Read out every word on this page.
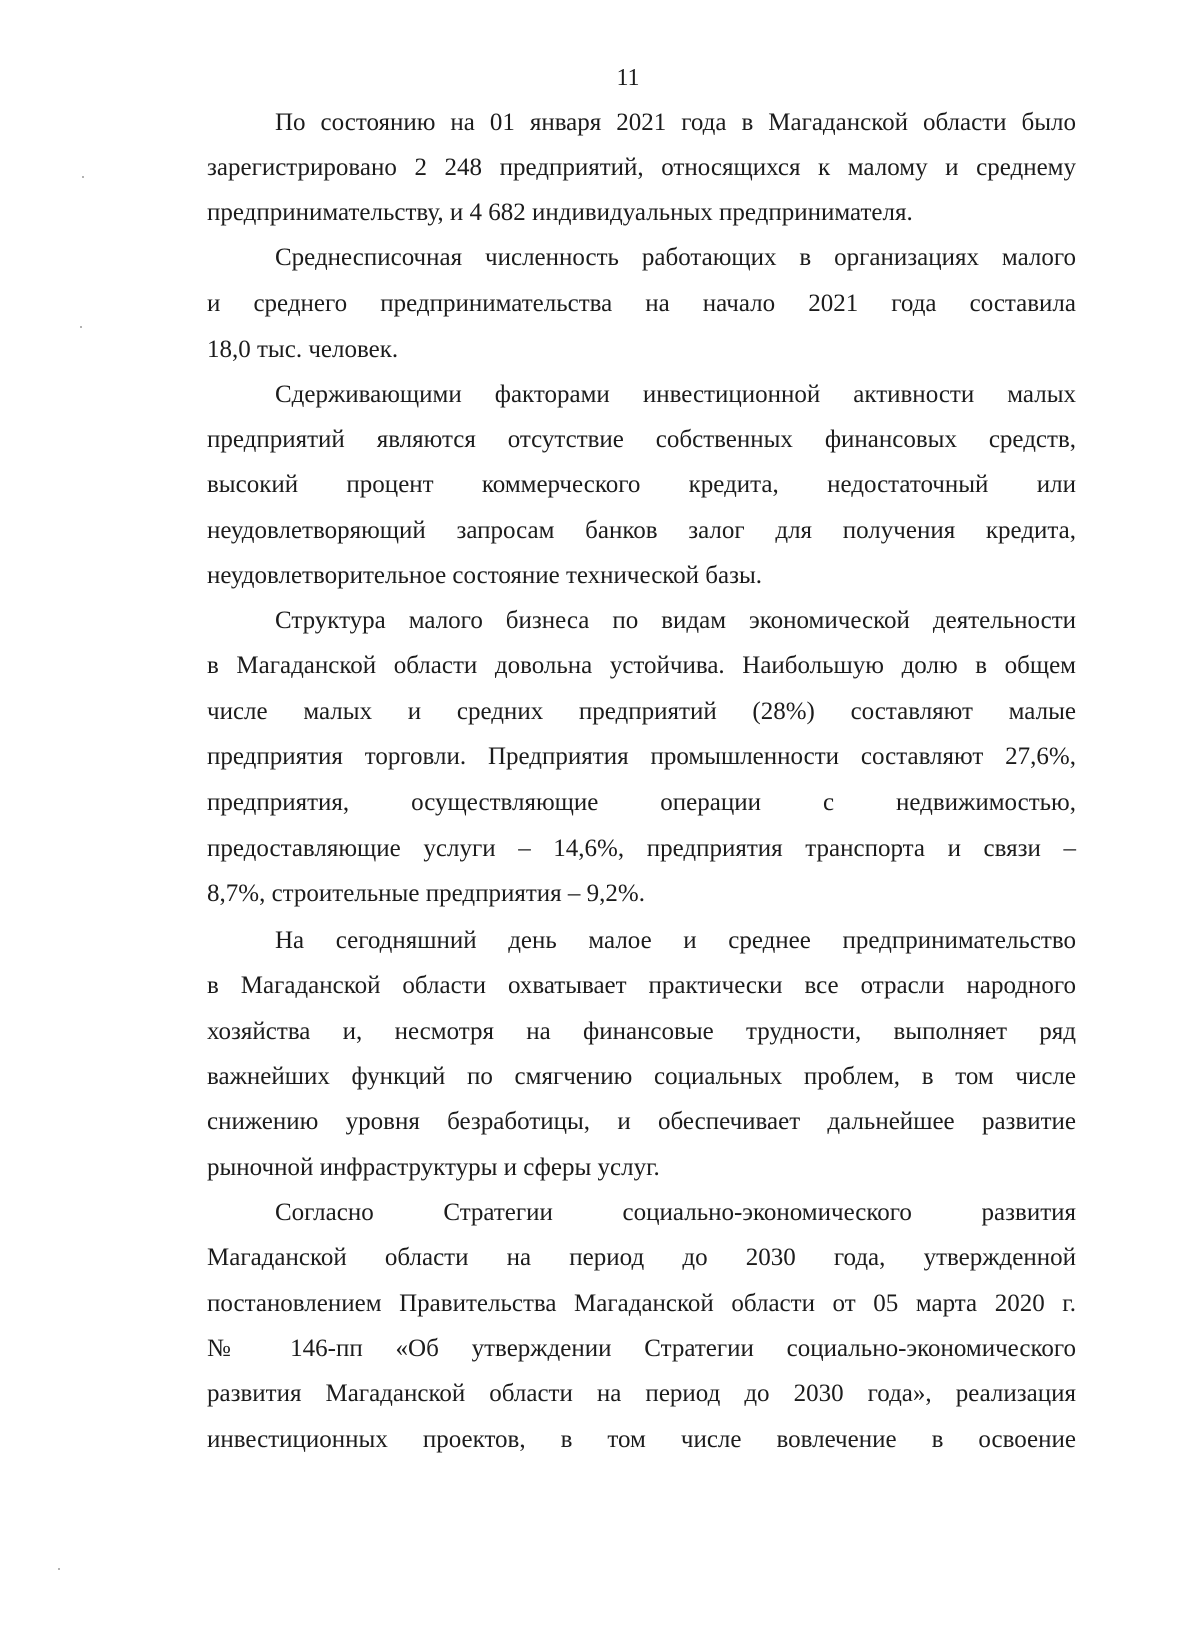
11
По состоянию на 01 января 2021 года в Магаданской области было
зарегистрировано 2 248 предприятий, относящихся к малому и среднему
предпринимательству, и 4 682 индивидуальных предпринимателя.
Среднесписочная численность работающих в организациях малого
и среднего предпринимательства на начало 2021 года составила
18,0 тыс. человек.
Сдерживающими факторами инвестиционной активности малых
предприятий являются отсутствие собственных финансовых средств,
высокий процент коммерческого кредита, недостаточный или
неудовлетворяющий запросам банков залог для получения кредита,
неудовлетворительное состояние технической базы.
Структура малого бизнеса по видам экономической деятельности
в Магаданской области довольна устойчива. Наибольшую долю в общем
числе малых и средних предприятий (28%) составляют малые
предприятия торговли. Предприятия промышленности составляют 27,6%,
предприятия, осуществляющие операции с недвижимостью,
предоставляющие услуги – 14,6%, предприятия транспорта и связи –
8,7%, строительные предприятия – 9,2%.
На сегодняшний день малое и среднее предпринимательство
в Магаданской области охватывает практически все отрасли народного
хозяйства и, несмотря на финансовые трудности, выполняет ряд
важнейших функций по смягчению социальных проблем, в том числе
снижению уровня безработицы, и обеспечивает дальнейшее развитие
рыночной инфраструктуры и сферы услуг.
Согласно Стратегии социально-экономического развития
Магаданской области на период до 2030 года, утвержденной
постановлением Правительства Магаданской области от 05 марта 2020 г.
№ 146-пп «Об утверждении Стратегии социально-экономического
развития Магаданской области на период до 2030 года», реализация
инвестиционных проектов, в том числе вовлечение в освоение
